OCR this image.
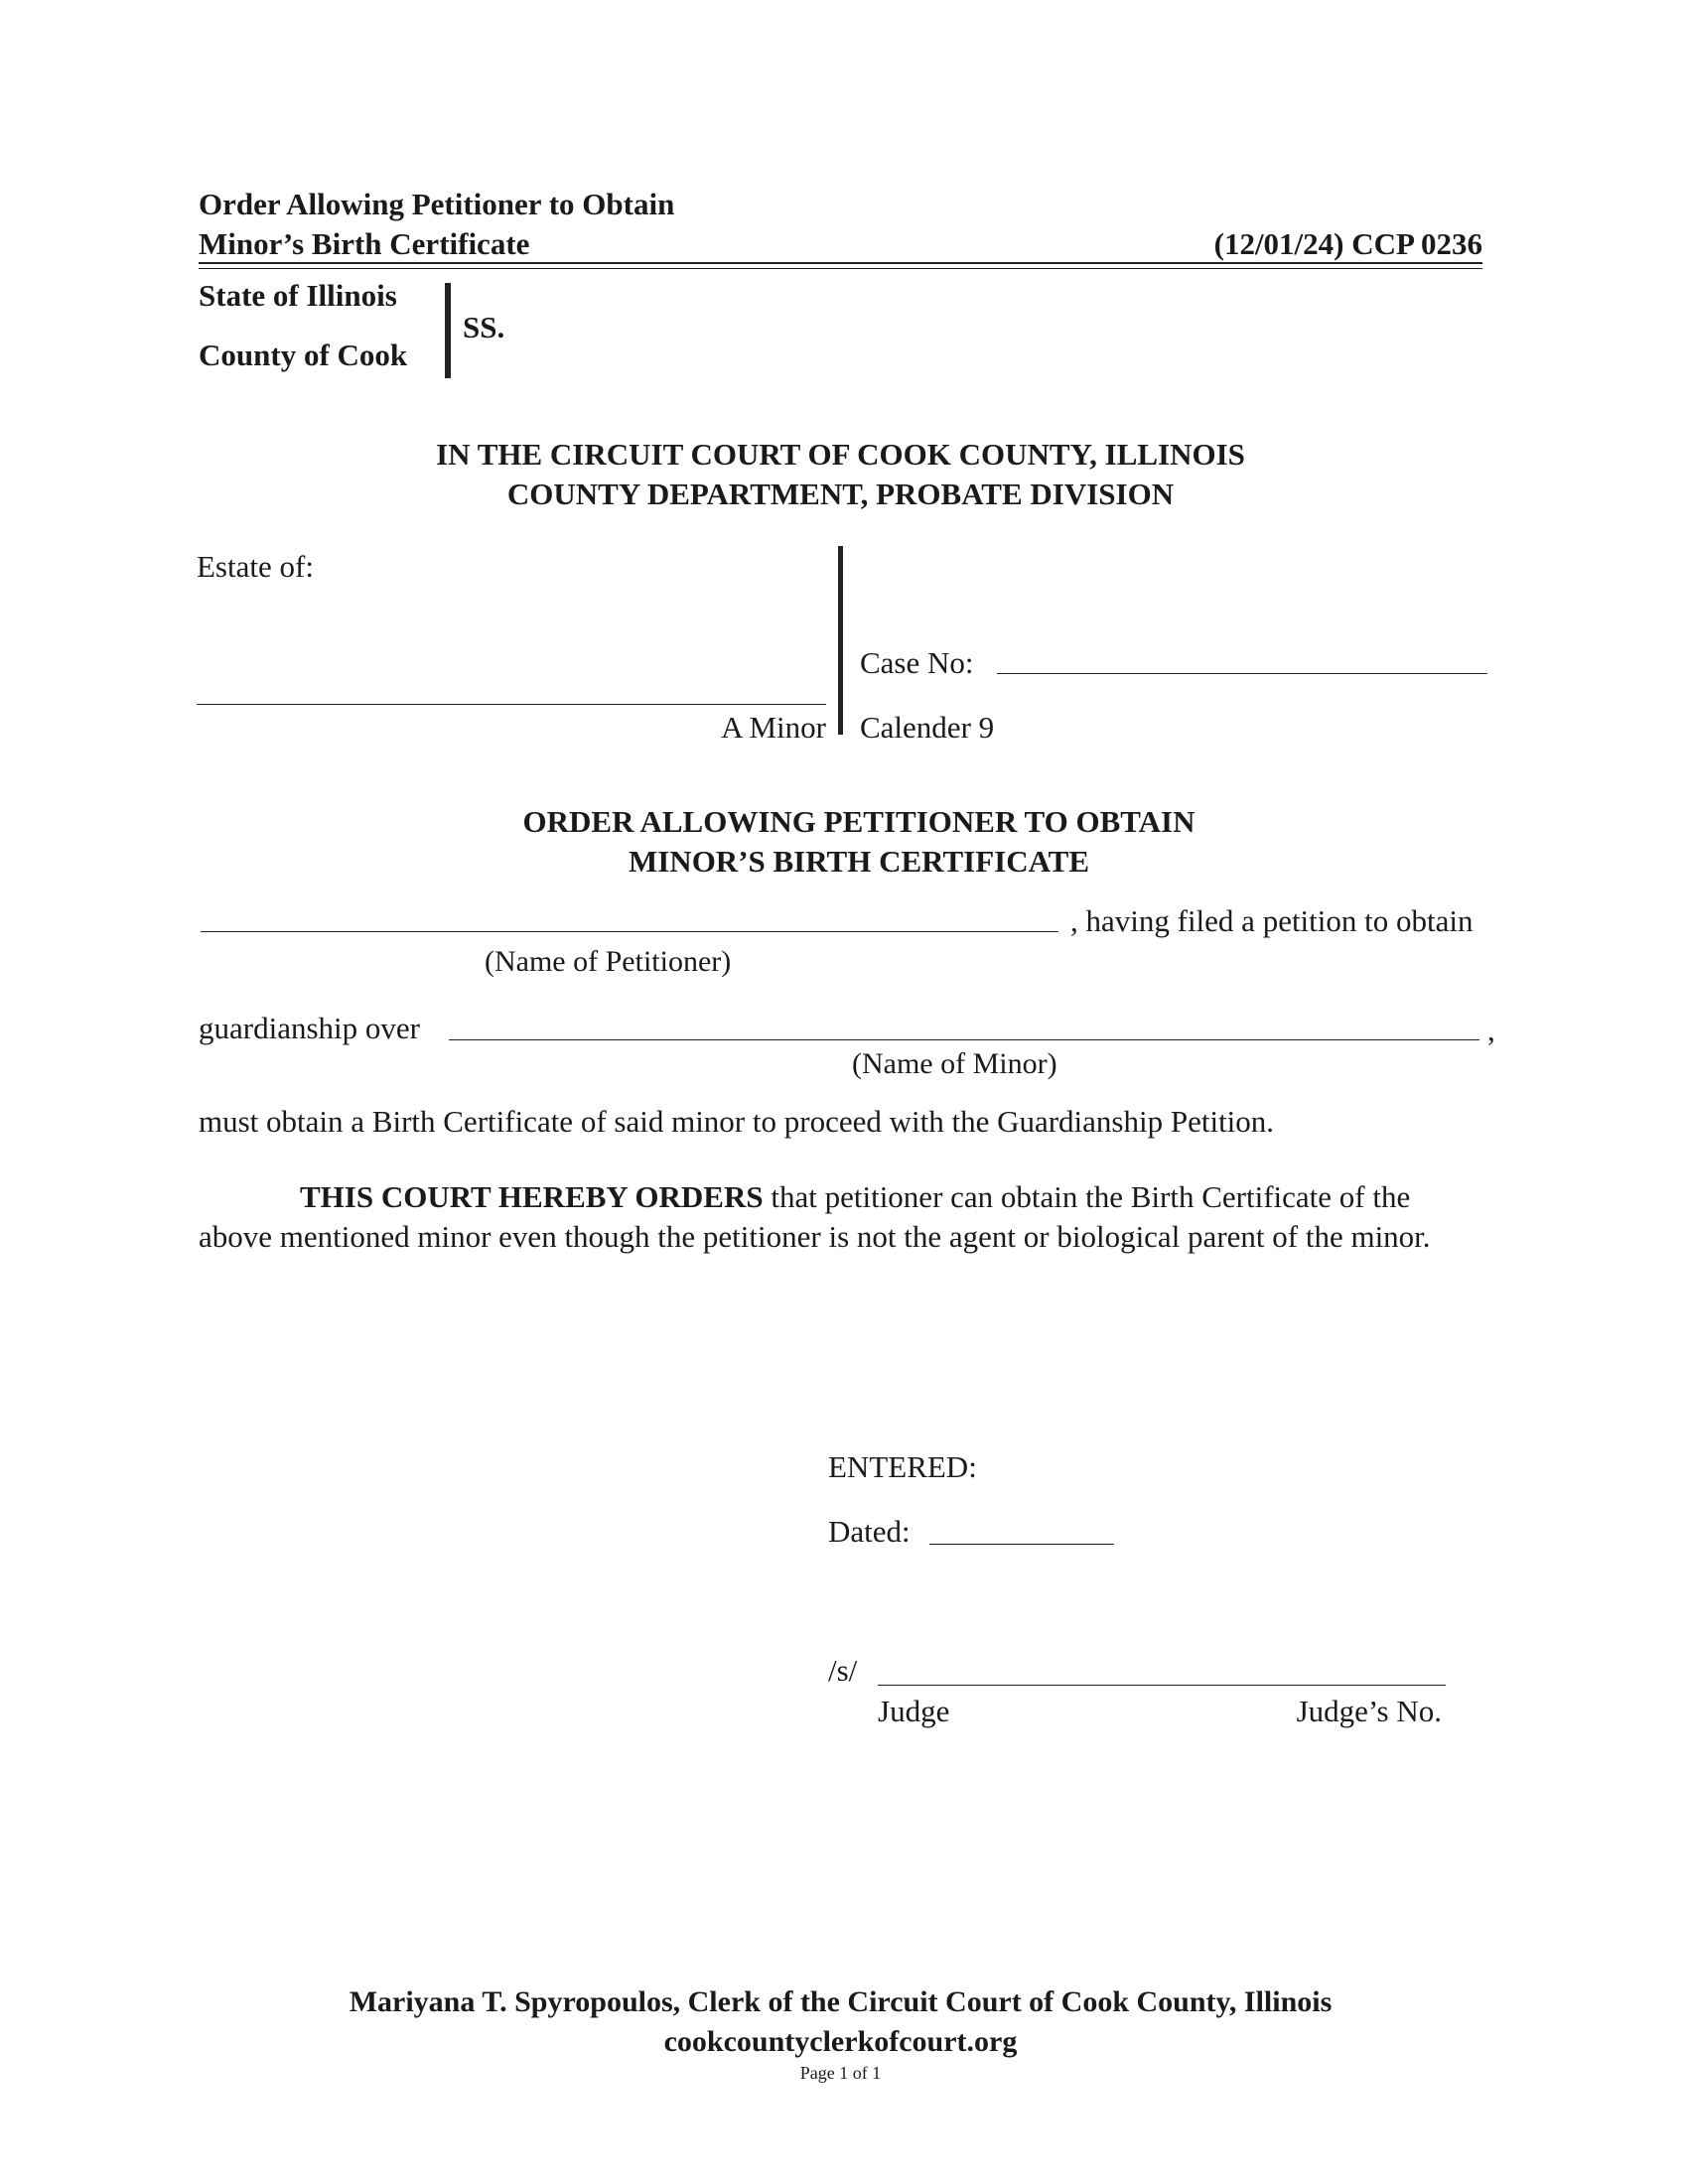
Order Allowing Petitioner to Obtain
Minor’s Birth Certificate	(12/01/24) CCP 0236
State of Illinois
County of Cook
SS.
IN THE CIRCUIT COURT OF COOK COUNTY, ILLINOIS
COUNTY DEPARTMENT, PROBATE DIVISION
Estate of:
A Minor
Case No:
Calender 9
ORDER ALLOWING PETITIONER TO OBTAIN
MINOR’S BIRTH CERTIFICATE
, having filed a petition to obtain
(Name of Petitioner)
guardianship over	,
(Name of Minor)
must obtain a Birth Certificate of said minor to proceed with the Guardianship Petition.
THIS COURT HEREBY ORDERS that petitioner can obtain the Birth Certificate of the
above mentioned minor even though the petitioner is not the agent or biological parent of the minor.
ENTERED:
Dated:
/s/
Judge	Judge’s No.
Mariyana T. Spyropoulos, Clerk of the Circuit Court of Cook County, Illinois
cookcountyclerkofcourt.org
Page 1 of 1
